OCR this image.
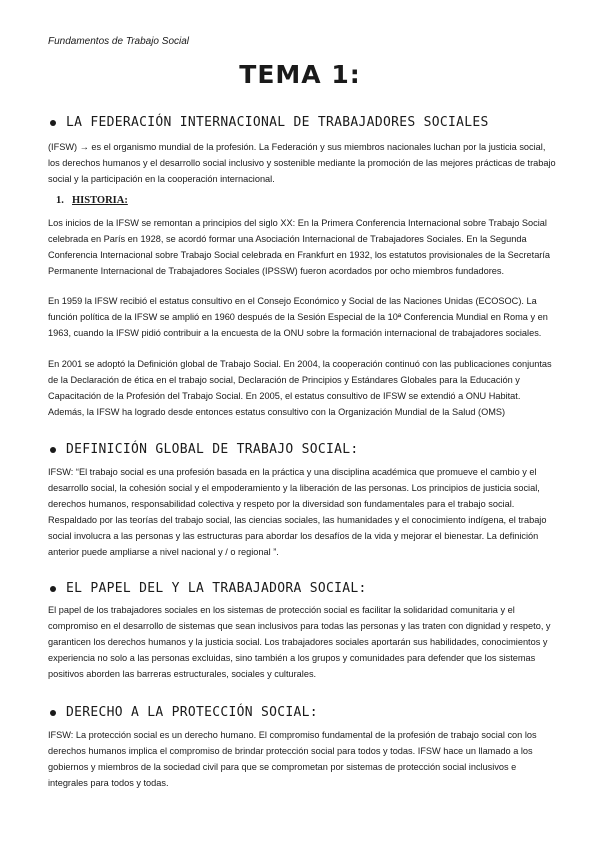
Fundamentos de Trabajo Social
TEMA 1:
LA FEDERACIÓN INTERNACIONAL DE TRABAJADORES SOCIALES
(IFSW) → es el organismo mundial de la profesión. La Federación y sus miembros nacionales luchan por la justicia social, los derechos humanos y el desarrollo social inclusivo y sostenible mediante la promoción de las mejores prácticas de trabajo social y la participación en la cooperación internacional.
1. HISTORIA:
Los inicios de la IFSW se remontan a principios del siglo XX: En la Primera Conferencia Internacional sobre Trabajo Social celebrada en París en 1928, se acordó formar una Asociación Internacional de Trabajadores Sociales. En la Segunda Conferencia Internacional sobre Trabajo Social celebrada en Frankfurt en 1932, los estatutos provisionales de la Secretaría Permanente Internacional de Trabajadores Sociales (IPSSW) fueron acordados por ocho miembros fundadores.
En 1959 la IFSW recibió el estatus consultivo en el Consejo Económico y Social de las Naciones Unidas (ECOSOC). La función política de la IFSW se amplió en 1960 después de la Sesión Especial de la 10ª Conferencia Mundial en Roma y en 1963, cuando la IFSW pidió contribuir a la encuesta de la ONU sobre la formación internacional de trabajadores sociales.
En 2001 se adoptó la Definición global de Trabajo Social. En 2004, la cooperación continuó con las publicaciones conjuntas de la Declaración de ética en el trabajo social, Declaración de Principios y Estándares Globales para la Educación y Capacitación de la Profesión del Trabajo Social. En 2005, el estatus consultivo de IFSW se extendió a ONU Habitat. Además, la IFSW ha logrado desde entonces estatus consultivo con la Organización Mundial de la Salud (OMS)
DEFINICIÓN GLOBAL DE TRABAJO SOCIAL:
IFSW: “El trabajo social es una profesión basada en la práctica y una disciplina académica que promueve el cambio y el desarrollo social, la cohesión social y el empoderamiento y la liberación de las personas. Los principios de justicia social, derechos humanos, responsabilidad colectiva y respeto por la diversidad son fundamentales para el trabajo social. Respaldado por las teorías del trabajo social, las ciencias sociales, las humanidades y el conocimiento indígena, el trabajo social involucra a las personas y las estructuras para abordar los desafíos de la vida y mejorar el bienestar. La definición anterior puede ampliarse a nivel nacional y / o regional ”.
EL PAPEL DEL Y LA TRABAJADORA SOCIAL:
El papel de los trabajadores sociales en los sistemas de protección social es facilitar la solidaridad comunitaria y el compromiso en el desarrollo de sistemas que sean inclusivos para todas las personas y las traten con dignidad y respeto, y garanticen los derechos humanos y la justicia social. Los trabajadores sociales aportarán sus habilidades, conocimientos y experiencia no solo a las personas excluidas, sino también a los grupos y comunidades para defender que los sistemas positivos aborden las barreras estructurales, sociales y culturales.
DERECHO A LA PROTECCIÓN SOCIAL:
IFSW: La protección social es un derecho humano. El compromiso fundamental de la profesión de trabajo social con los derechos humanos implica el compromiso de brindar protección social para todos y todas. IFSW hace un llamado a los gobiernos y miembros de la sociedad civil para que se comprometan por sistemas de protección social inclusivos e integrales para todos y todas.
